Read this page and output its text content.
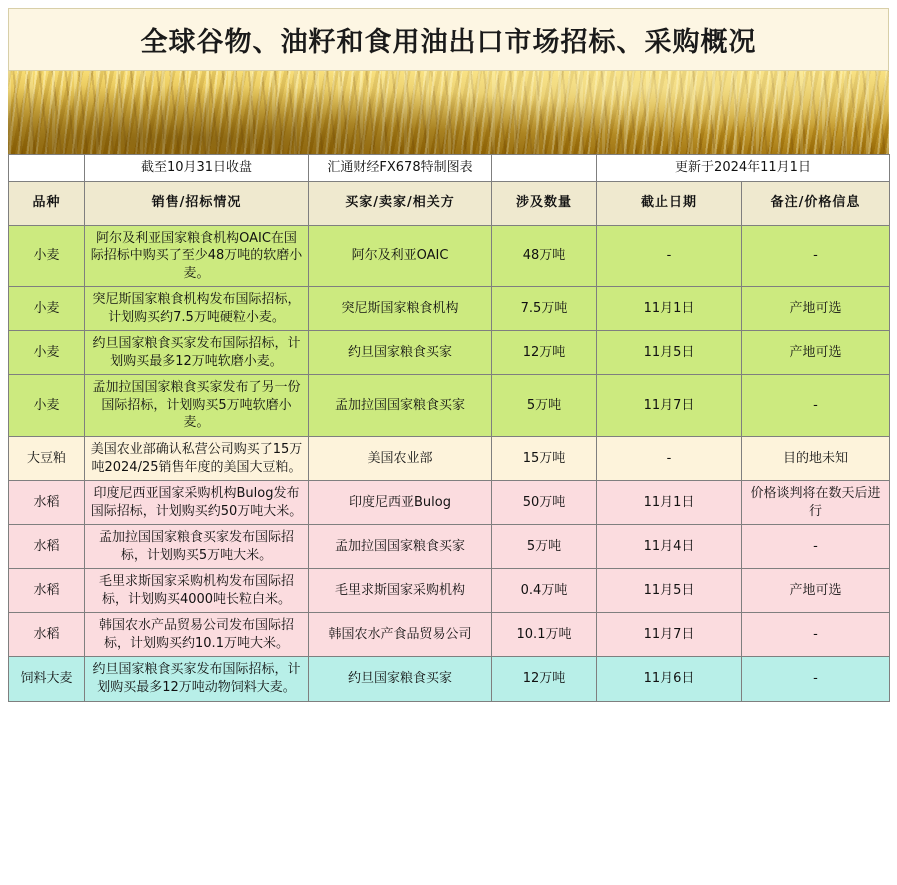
全球谷物、油籽和食用油出口市场招标、采购概况
	截至10月31日收盘	汇通财经FX678特制图表		更新于2024年11月1日	
品种	销售/招标情况	买家/卖家/相关方	涉及数量	截止日期	备注/价格信息
小麦	阿尔及利亚国家粮食机构OAIC在国际招标中购买了至少48万吨的软磨小麦。	阿尔及利亚OAIC	48万吨	-	-
小麦	突尼斯国家粮食机构发布国际招标，计划购买约7.5万吨硬粒小麦。	突尼斯国家粮食机构	7.5万吨	11月1日	产地可选
小麦	约旦国家粮食买家发布国际招标，计划购买最多12万吨软磨小麦。	约旦国家粮食买家	12万吨	11月5日	产地可选
小麦	孟加拉国国家粮食买家发布了另一份国际招标，计划购买5万吨软磨小麦。	孟加拉国国家粮食买家	5万吨	11月7日	-
大豆粕	美国农业部确认私营公司购买了15万吨2024/25销售年度的美国大豆粕。	美国农业部	15万吨	-	目的地未知
水稻	印度尼西亚国家采购机构Bulog发布国际招标，计划购买约50万吨大米。	印度尼西亚Bulog	50万吨	11月1日	价格谈判将在数天后进行
水稻	孟加拉国国家粮食买家发布国际招标，计划购买5万吨大米。	孟加拉国国家粮食买家	5万吨	11月4日	-
水稻	毛里求斯国家采购机构发布国际招标，计划购买4000吨长粒白米。	毛里求斯国家采购机构	0.4万吨	11月5日	产地可选
水稻	韩国农水产品贸易公司发布国际招标，计划购买约10.1万吨大米。	韩国农水产食品贸易公司	10.1万吨	11月7日	-
饲料大麦	约旦国家粮食买家发布国际招标，计划购买最多12万吨动物饲料大麦。	约旦国家粮食买家	12万吨	11月6日	-
